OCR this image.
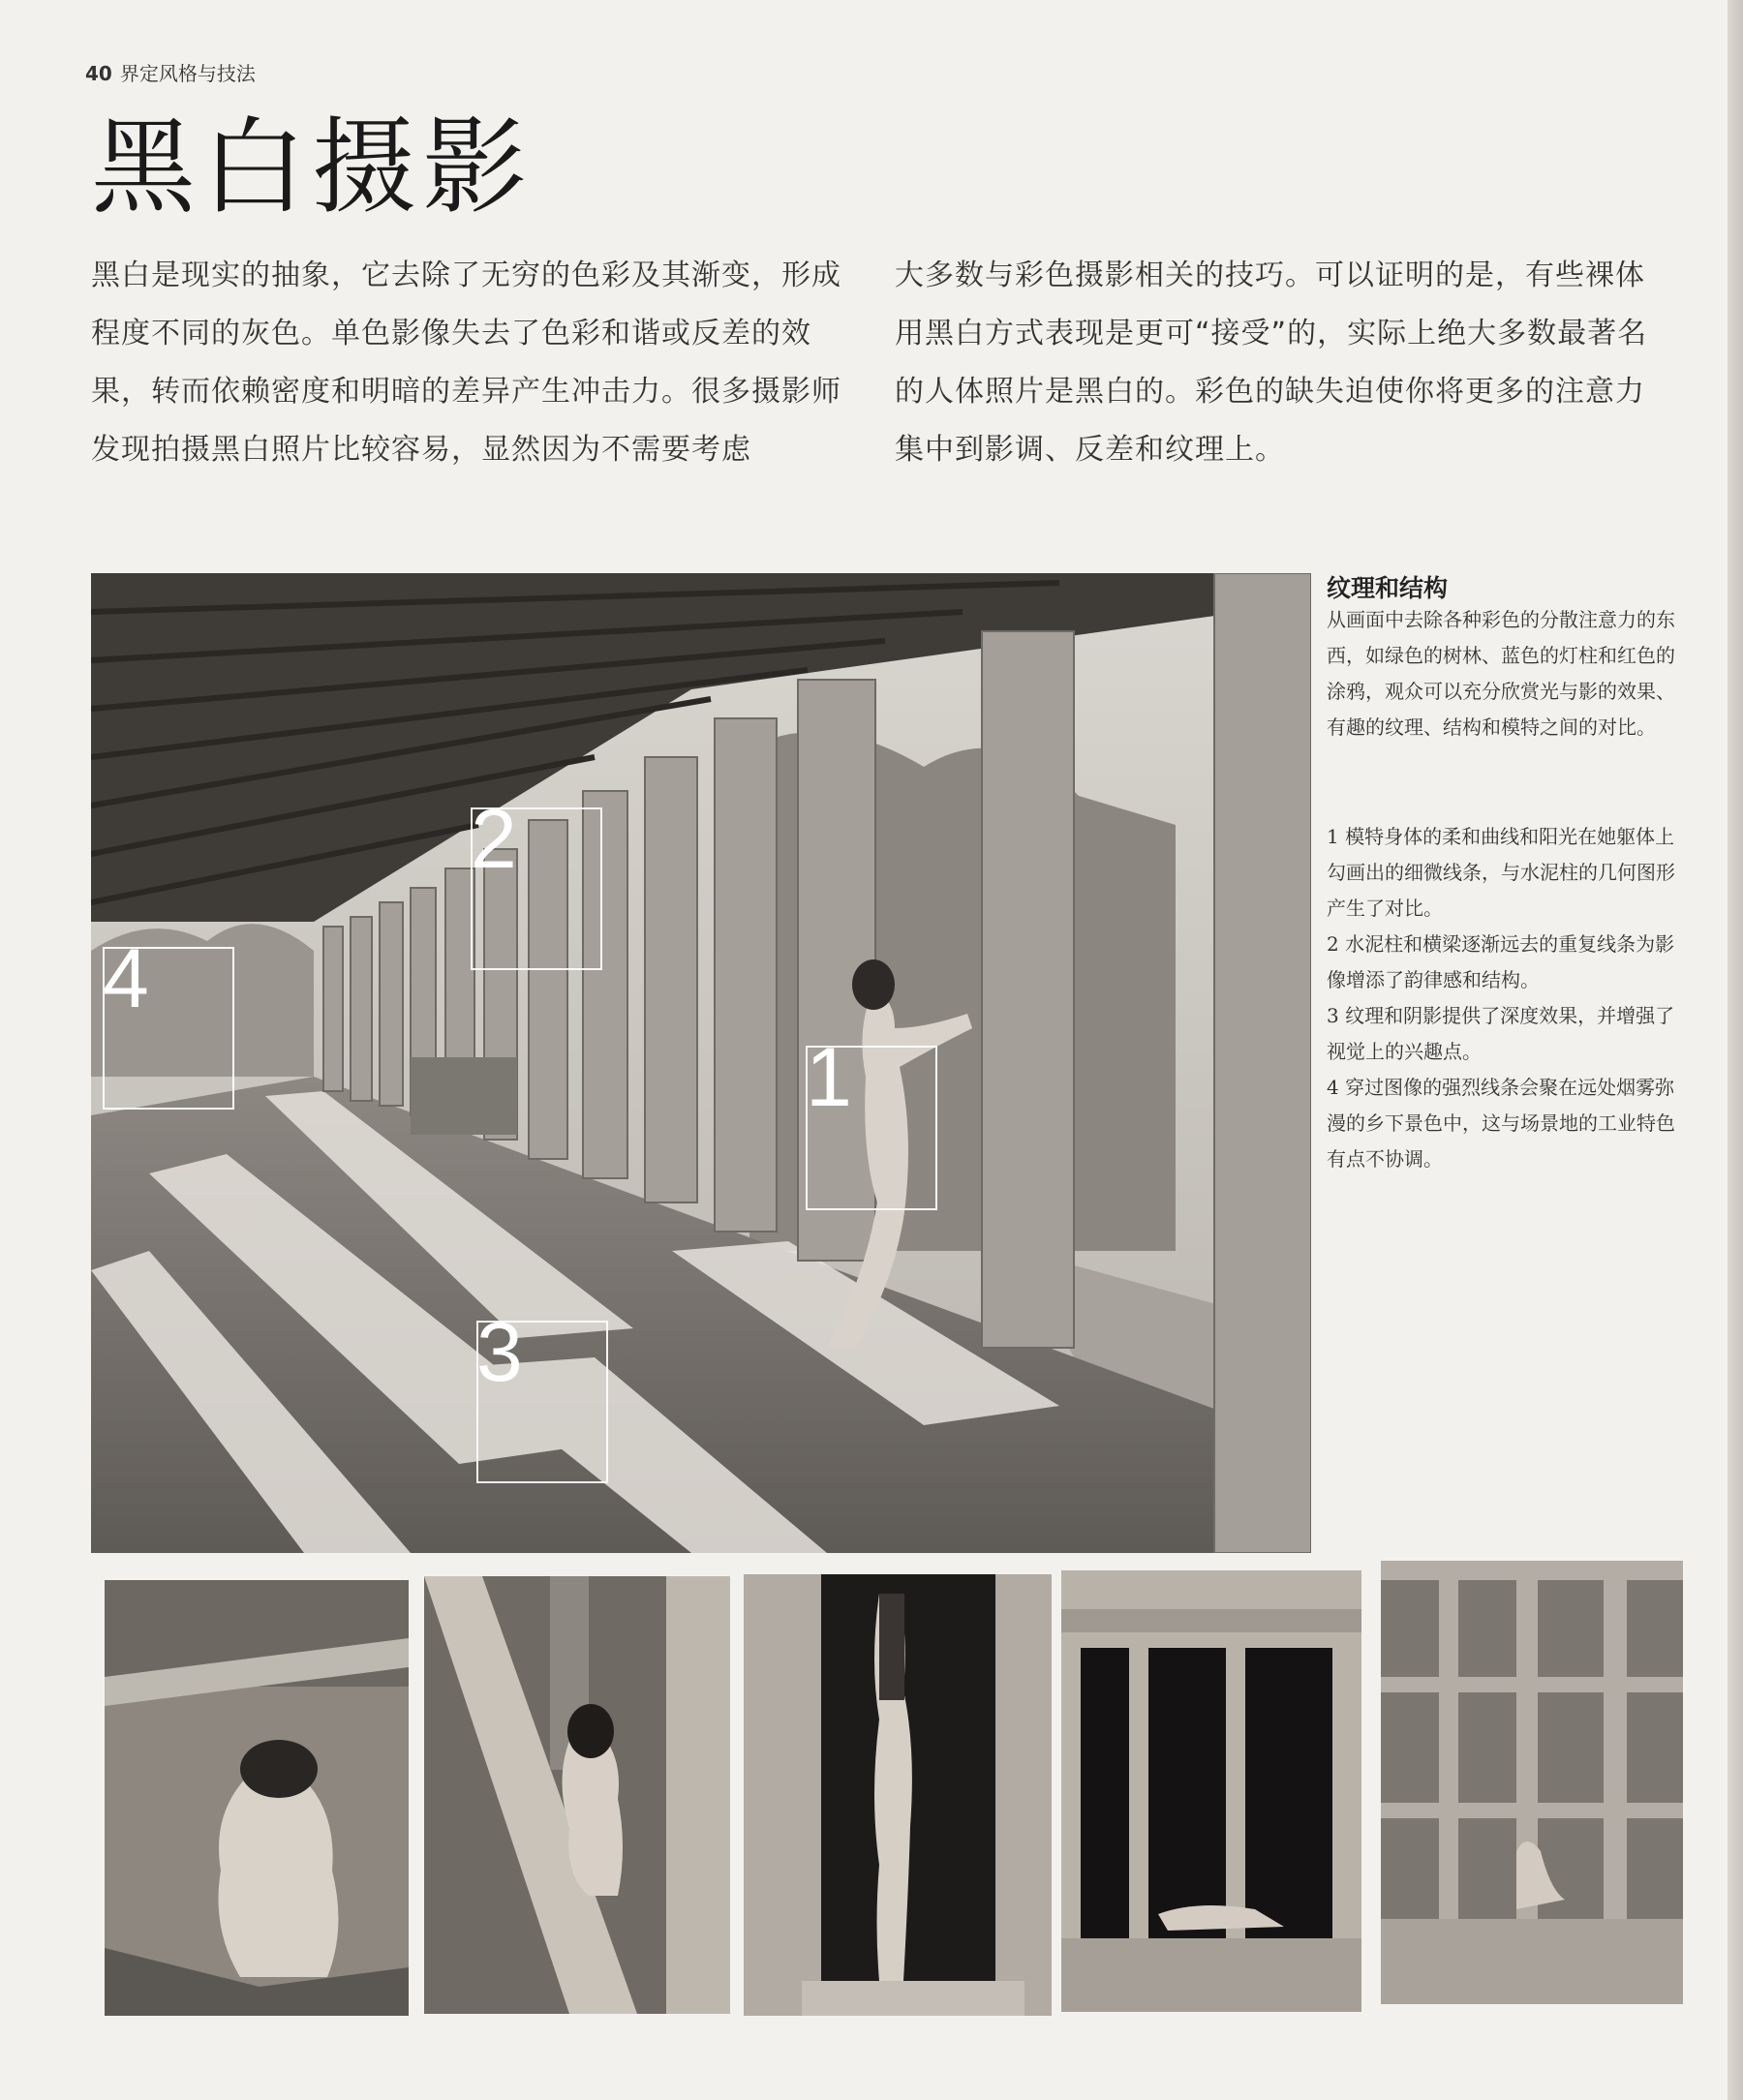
40 界定风格与技法
黑白摄影
黑白是现实的抽象，它去除了无穷的色彩及其渐变，形成程度不同的灰色。单色影像失去了色彩和谐或反差的效果，转而依赖密度和明暗的差异产生冲击力。很多摄影师发现拍摄黑白照片比较容易，显然因为不需要考虑
大多数与彩色摄影相关的技巧。可以证明的是，有些裸体用黑白方式表现是更可“接受”的，实际上绝大多数最著名的人体照片是黑白的。彩色的缺失迫使你将更多的注意力集中到影调、反差和纹理上。
1
2
3
4
纹理和结构
从画面中去除各种彩色的分散注意力的东西，如绿色的树林、蓝色的灯柱和红色的涂鸦，观众可以充分欣赏光与影的效果、有趣的纹理、结构和模特之间的对比。
1 模特身体的柔和曲线和阳光在她躯体上勾画出的细微线条，与水泥柱的几何图形产生了对比。
2 水泥柱和横梁逐渐远去的重复线条为影像增添了韵律感和结构。
3 纹理和阴影提供了深度效果，并增强了视觉上的兴趣点。
4 穿过图像的强烈线条会聚在远处烟雾弥漫的乡下景色中，这与场景地的工业特色有点不协调。
